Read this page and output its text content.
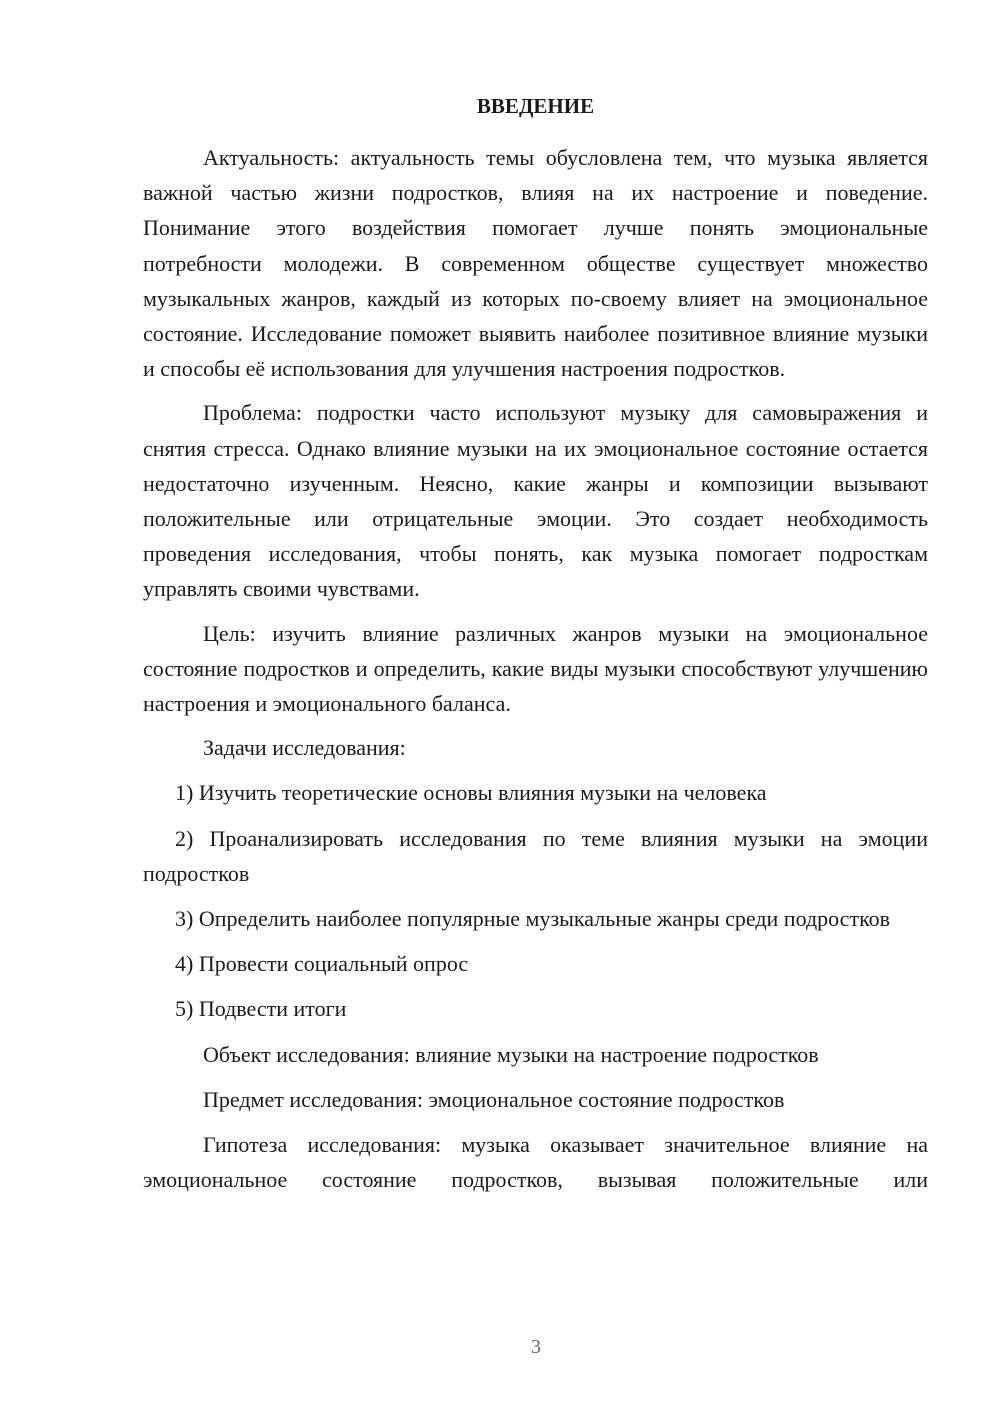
ВВЕДЕНИЕ

Актуальность: актуальность темы обусловлена тем, что музыка является важной частью жизни подростков, влияя на их настроение и поведение. Понимание этого воздействия помогает лучше понять эмоциональные потребности молодежи. В современном обществе существует множество музыкальных жанров, каждый из которых по-своему влияет на эмоциональное состояние. Исследование поможет выявить наиболее позитивное влияние музыки и способы её использования для улучшения настроения подростков.

Проблема: подростки часто используют музыку для самовыражения и снятия стресса. Однако влияние музыки на их эмоциональное состояние остается недостаточно изученным. Неясно, какие жанры и композиции вызывают положительные или отрицательные эмоции. Это создает необходимость проведения исследования, чтобы понять, как музыка помогает подросткам управлять своими чувствами.

Цель: изучить влияние различных жанров музыки на эмоциональное состояние подростков и определить, какие виды музыки способствуют улучшению настроения и эмоционального баланса.

Задачи исследования:

1) Изучить теоретические основы влияния музыки на человека

2) Проанализировать исследования по теме влияния музыки на эмоции подростков

3) Определить наиболее популярные музыкальные жанры среди подростков

4) Провести социальный опрос

5) Подвести итоги

Объект исследования: влияние музыки на настроение подростков

Предмет исследования: эмоциональное состояние подростков

Гипотеза исследования: музыка оказывает значительное влияние на эмоциональное состояние подростков, вызывая положительные или

3
